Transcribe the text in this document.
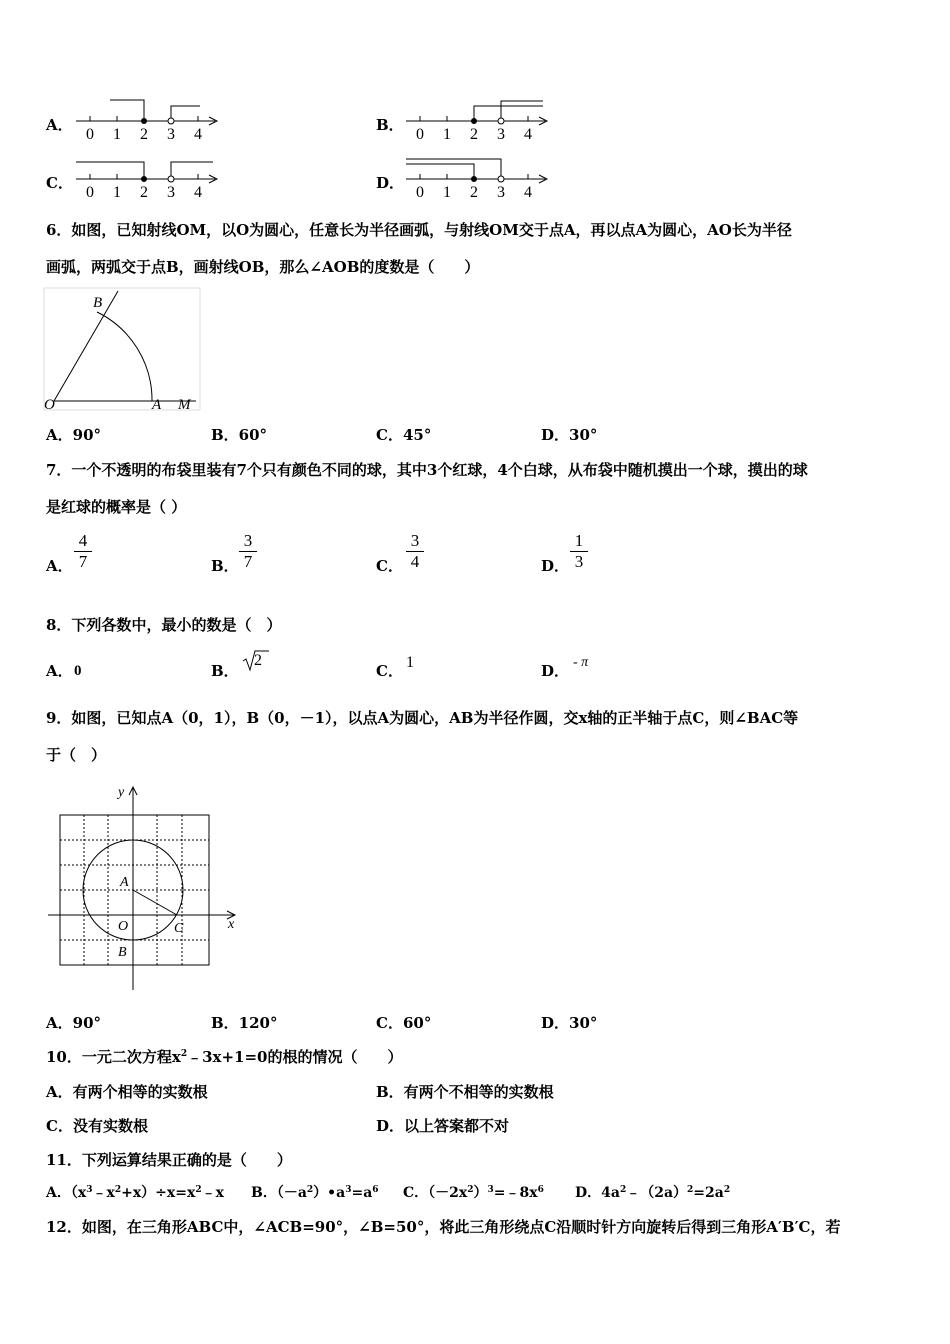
A．
0 1 2 3 4
B．
0 1 2 3 4
C．
0 1 2 3 4
D．
0 1 2 3 4
6．如图，已知射线OM，以O为圆心，任意长为半径画弧，与射线OM交于点A，再以点A为圆心，AO长为半径
画弧，两弧交于点B，画射线OB，那么∠AOB的度数是（　　）
B
O	A M
A．90°	B．60°	C．45°	D．30°
7．一个不透明的布袋里装有7个只有颜色不同的球，其中3个红球，4个白球，从布袋中随机摸出一个球，摸出的球
是红球的概率是（ ）
A． $\frac{4}{7}$	B． $\frac{3}{7}$	C． $\frac{3}{4}$	D． $\frac{1}{3}$
8．下列各数中，最小的数是（　）
A． 0	B．
2
C． 1	D． - π
9．如图，已知点A（0，1），B（0，－1），以点A为圆心，AB为半径作圆，交x轴的正半轴于点C，则∠BAC等
于（　）
y
x
A
O
B
C
A．90°	B．120°	C．60°	D．30°
10．一元二次方程$x^2﹣3x+1=0$的根的情况（　　）
A．有两个相等的实数根	B．有两个不相等的实数根
C．没有实数根	D．以上答案都不对
11．下列运算结果正确的是（　　）
A．$(x^3﹣x^2+x)\div x=x^2﹣x$ B．$(-a^2)•a^3=a^6$ C．$(-2x^2)^3=﹣8x^6$ D．$4a^2﹣(2a)^2=2a^2$
12．如图，在三角形ABC中，∠ACB=90°，∠B=50°，将此三角形绕点C沿顺时针方向旋转后得到三角形A′B′C，若
